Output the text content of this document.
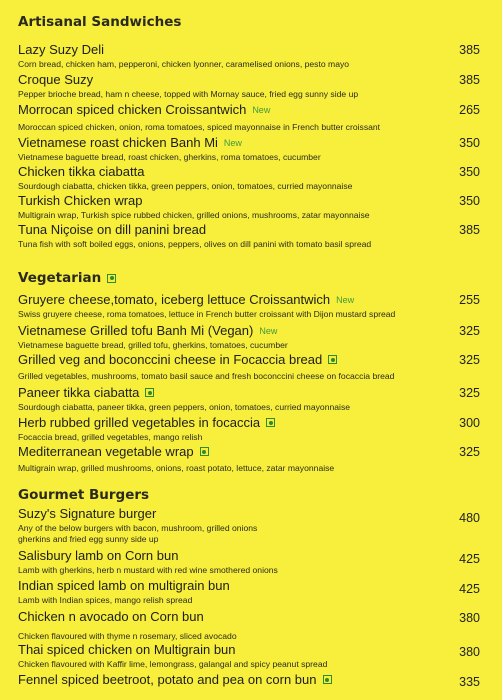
Artisanal Sandwiches
Lazy Suzy Deli	385
Corn bread, chicken ham, pepperoni, chicken lyonner, caramelised onions, pesto mayo
Croque Suzy	385
Pepper brioche bread, ham n cheese, topped with Mornay sauce, fried egg sunny side up
Morrocan spiced chicken Croissantwich New	265
Moroccan spiced chicken, onion, roma tomatoes, spiced mayonnaise in French butter croissant
Vietnamese roast chicken Banh Mi New	350
Vietnamese baguette bread, roast chicken, gherkins, roma tomatoes, cucumber
Chicken tikka ciabatta	350
Sourdough ciabatta, chicken tikka, green peppers, onion, tomatoes, curried mayonnaise
Turkish Chicken wrap	350
Multigrain wrap, Turkish spice rubbed chicken, grilled onions, mushrooms, zatar mayonnaise
Tuna Niçoise on dill panini bread	385
Tuna fish with soft boiled eggs, onions, peppers, olives on dill panini with tomato basil spread
Vegetarian
Gruyere cheese,tomato, iceberg lettuce Croissantwich New	255
Swiss gruyere cheese, roma tomatoes, lettuce in French butter croissant with Dijon mustard spread
Vietnamese Grilled tofu Banh Mi (Vegan) New	325
Vietnamese baguette bread, grilled tofu, gherkins, tomatoes, cucumber
Grilled veg and boconccini cheese in Focaccia bread	325
Grilled vegetables, mushrooms, tomato basil sauce and fresh boconccini cheese on focaccia bread
Paneer tikka ciabatta	325
Sourdough ciabatta, paneer tikka, green peppers, onion, tomatoes, curried mayonnaise
Herb rubbed grilled vegetables in focaccia	300
Focaccia bread, grilled vegetables, mango relish
Mediterranean vegetable wrap	325
Multigrain wrap, grilled mushrooms, onions, roast potato, lettuce, zatar mayonnaise
Gourmet Burgers
Suzy's Signature burger	480
Any of the below burgers with bacon, mushroom, grilled onions
gherkins and fried egg sunny side up
Salisbury lamb on Corn bun	425
Lamb with gherkins, herb n mustard with red wine smothered onions
Indian spiced lamb on multigrain bun	425
Lamb with Indian spices, mango relish spread
Chicken n avocado on Corn bun	380
Chicken flavoured with thyme n rosemary, sliced avocado
Thai spiced chicken on Multigrain bun	380
Chicken flavoured with Kaffir lime, lemongrass, galangal and spicy peanut spread
Fennel spiced beetroot, potato and pea on corn bun	335
